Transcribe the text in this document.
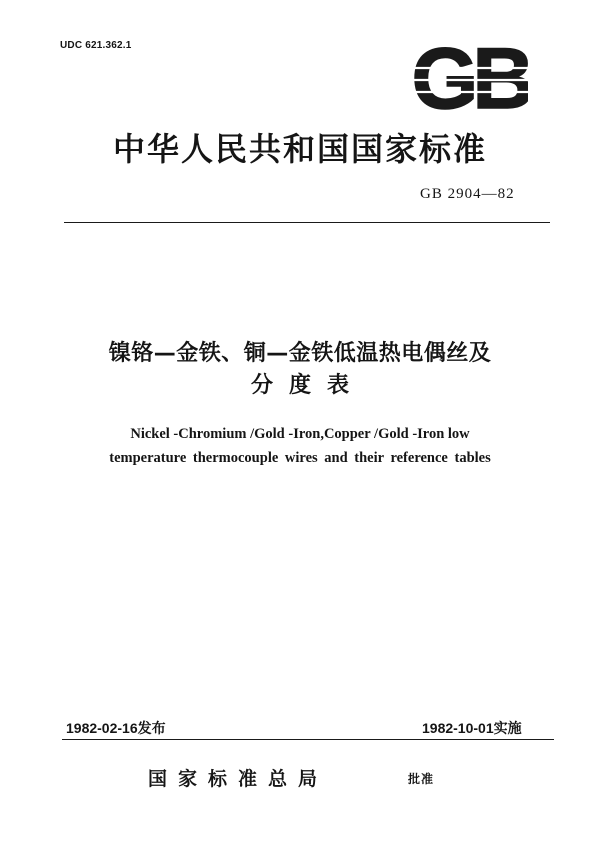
UDC 621.362.1	GB
中华人民共和国国家标准
GB 2904—82
镍铬—金铁、铜—金铁低温热电偶丝及
分度表
Nickel -Chromium /Gold -Iron,Copper /Gold -Iron low
temperature thermocouple wires and their reference tables
1982-02-16发布	1982-10-01实施
国家标准总局	批准
